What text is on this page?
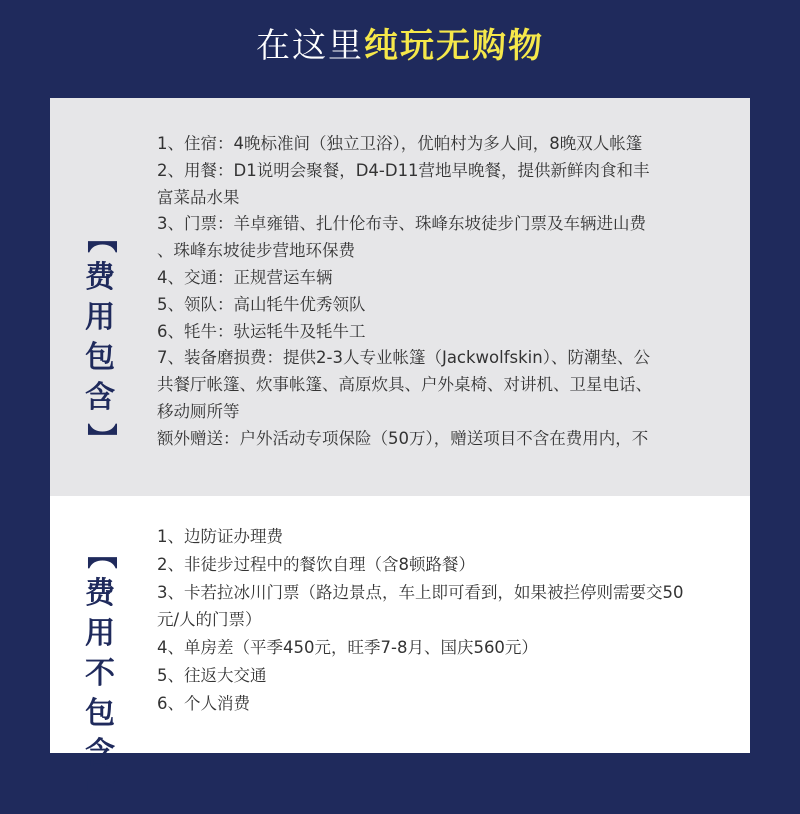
在这里纯玩无购物
【
费
用
包
含
】
1、住宿：4晚标准间（独立卫浴），优帕村为多人间，8晚双人帐篷
2、用餐：D1说明会聚餐，D4-D11营地早晚餐，提供新鲜肉食和丰
富菜品水果
3、门票：羊卓雍错、扎什伦布寺、珠峰东坡徒步门票及车辆进山费
、珠峰东坡徒步营地环保费
4、交通：正规营运车辆
5、领队：高山牦牛优秀领队
6、牦牛：驮运牦牛及牦牛工
7、装备磨损费：提供2-3人专业帐篷（Jackwolfskin）、防潮垫、公
共餐厅帐篷、炊事帐篷、高原炊具、户外桌椅、对讲机、卫星电话、
移动厕所等
额外赠送：户外活动专项保险（50万），赠送项目不含在费用内，不
【
费
用
不
包
含
】
1、边防证办理费
2、非徒步过程中的餐饮自理（含8顿路餐）
3、卡若拉冰川门票（路边景点，车上即可看到，如果被拦停则需要交50
元/人的门票）
4、单房差（平季450元，旺季7-8月、国庆560元）
5、往返大交通
6、个人消费
